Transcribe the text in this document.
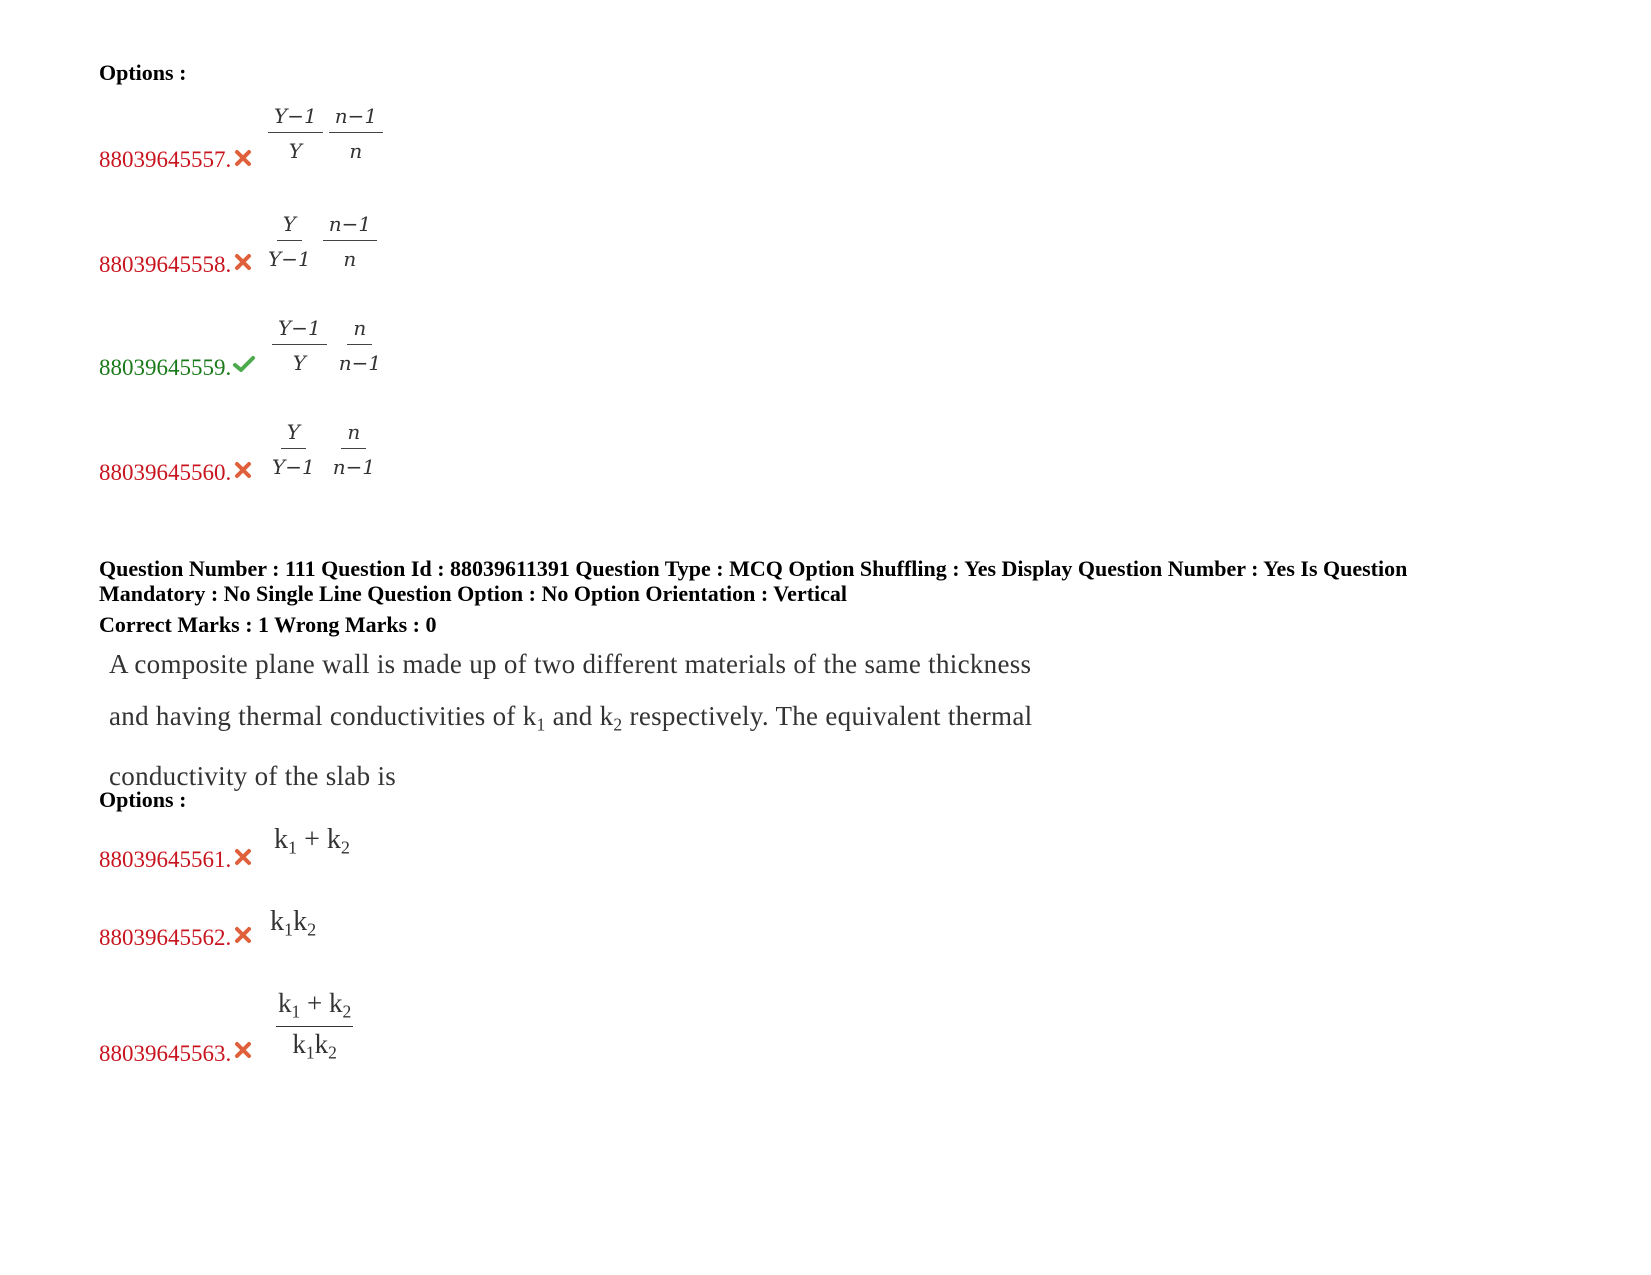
Options :
88039645557. $\frac{Y-1}{Y} \frac{n-1}{n}$
88039645558. $\frac{Y}{Y-1} \frac{n-1}{n}$
88039645559. $\frac{Y-1}{Y} \frac{n}{n-1}$
88039645560. $\frac{Y}{Y-1} \frac{n}{n-1}$
Question Number : 111 Question Id : 88039611391 Question Type : MCQ Option Shuffling : Yes Display Question Number : Yes Is Question
Mandatory : No Single Line Question Option : No Option Orientation : Vertical
Correct Marks : 1 Wrong Marks : 0
A composite plane wall is made up of two different materials of the same thickness
and having thermal conductivities of $k_1$ and $k_2$ respectively. The equivalent thermal
conductivity of the slab is
Options :
88039645561.
$k_1 + k_2$
88039645562.
$k_1k_2$
88039645563. $\frac{k_1 + k_2}{k_1k_2}$
